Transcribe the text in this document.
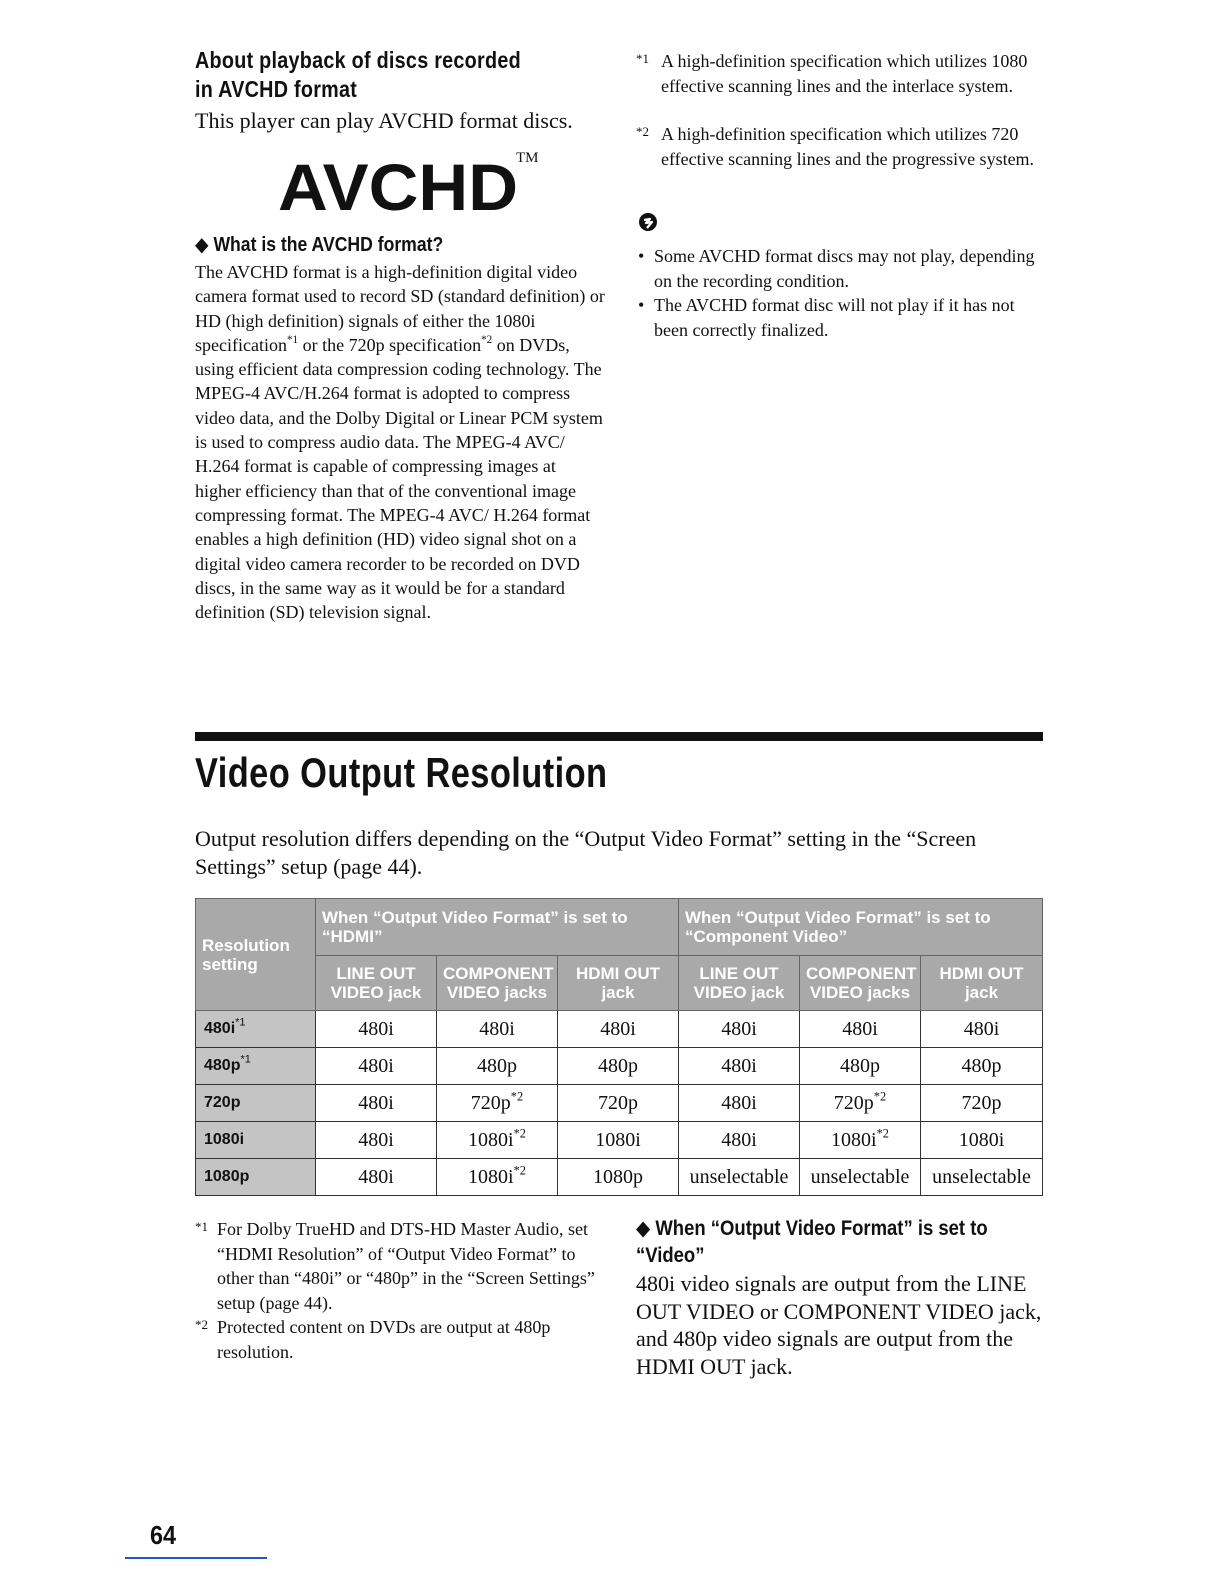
About playback of discs recorded in AVCHD format
This player can play AVCHD format discs.
AVCHD
TM
◆ What is the AVCHD format?
The AVCHD format is a high-definition digital video camera format used to record SD (standard definition) or HD (high definition) signals of either the 1080i specification$^{*1}$ or the 720p specification$^{*2}$ on DVDs, using efficient data compression coding technology. The MPEG-4 AVC/H.264 format is adopted to compress video data, and the Dolby Digital or Linear PCM system is used to compress audio data. The MPEG-4 AVC/ H.264 format is capable of compressing images at higher efficiency than that of the conventional image compressing format. The MPEG-4 AVC/ H.264 format enables a high definition (HD) video signal shot on a digital video camera recorder to be recorded on DVD discs, in the same way as it would be for a standard definition (SD) television signal.
*1 A high-definition specification which utilizes 1080 effective scanning lines and the interlace system.
*2 A high-definition specification which utilizes 720 effective scanning lines and the progressive system.
• Some AVCHD format discs may not play, depending on the recording condition.
• The AVCHD format disc will not play if it has not been correctly finalized.
Video Output Resolution
Output resolution differs depending on the “Output Video Format” setting in the “Screen Settings” setup (page 44).
Resolution setting	When “Output Video Format” is set to “HDMI”			When “Output Video Format” is set to “Component Video”		
	LINE OUT VIDEO jack	COMPONENT VIDEO jacks	HDMI OUT jack	LINE OUT VIDEO jack	COMPONENT VIDEO jacks	HDMI OUT jack
$480i^{*1}$	480i	480i	480i	480i	480i	480i
$480p^{*1}$	480i	480p	480p	480i	480p	480p
720p	480i	$720p^{*2}$	720p	480i	$720p^{*2}$	720p
1080i	480i	$1080i^{*2}$	1080i	480i	$1080i^{*2}$	1080i
1080p	480i	$1080i^{*2}$	1080p	unselectable	unselectable	unselectable
*1 For Dolby TrueHD and DTS-HD Master Audio, set “HDMI Resolution” of “Output Video Format” to other than “480i” or “480p” in the “Screen Settings” setup (page 44).
*2 Protected content on DVDs are output at 480p resolution.
◆ When “Output Video Format” is set to “Video”
480i video signals are output from the LINE OUT VIDEO or COMPONENT VIDEO jack, and 480p video signals are output from the HDMI OUT jack.
64
